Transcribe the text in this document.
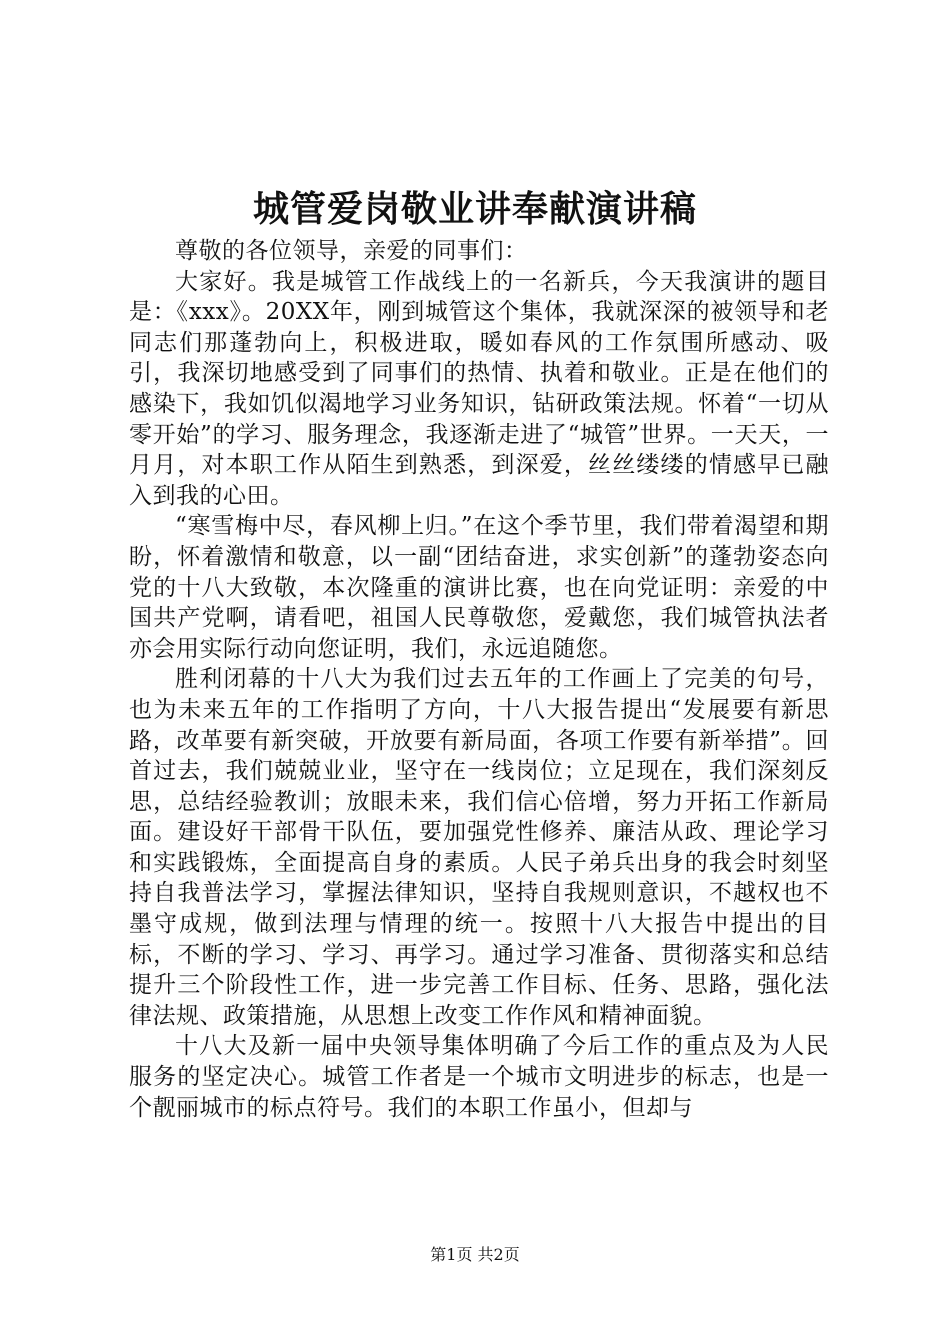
城管爱岗敬业讲奉献演讲稿

尊敬的各位领导，亲爱的同事们：

大家好。我是城管工作战线上的一名新兵，今天我演讲的题目是：《xxx》。20XX年，刚到城管这个集体，我就深深的被领导和老同志们那蓬勃向上，积极进取，暖如春风的工作氛围所感动、吸引，我深切地感受到了同事们的热情、执着和敬业。正是在他们的感染下，我如饥似渴地学习业务知识，钻研政策法规。怀着“一切从零开始”的学习、服务理念，我逐渐走进了“城管”世界。一天天，一月月，对本职工作从陌生到熟悉，到深爱，丝丝缕缕的情感早已融入到我的心田。

“寒雪梅中尽，春风柳上归。”在这个季节里，我们带着渴望和期盼，怀着激情和敬意，以一副“团结奋进，求实创新”的蓬勃姿态向党的十八大致敬，本次隆重的演讲比赛，也在向党证明：亲爱的中国共产党啊，请看吧，祖国人民尊敬您，爱戴您，我们城管执法者亦会用实际行动向您证明，我们，永远追随您。

胜利闭幕的十八大为我们过去五年的工作画上了完美的句号，也为未来五年的工作指明了方向，十八大报告提出“发展要有新思路，改革要有新突破，开放要有新局面，各项工作要有新举措”。回首过去，我们兢兢业业，坚守在一线岗位；立足现在，我们深刻反思，总结经验教训；放眼未来，我们信心倍增，努力开拓工作新局面。建设好干部骨干队伍，要加强党性修养、廉洁从政、理论学习和实践锻炼，全面提高自身的素质。人民子弟兵出身的我会时刻坚持自我普法学习，掌握法律知识，坚持自我规则意识，不越权也不墨守成规，做到法理与情理的统一。按照十八大报告中提出的目标，不断的学习、学习、再学习。通过学习准备、贯彻落实和总结提升三个阶段性工作，进一步完善工作目标、任务、思路，强化法律法规、政策措施，从思想上改变工作作风和精神面貌。

十八大及新一届中央领导集体明确了今后工作的重点及为人民服务的坚定决心。城管工作者是一个城市文明进步的标志，也是一个靓丽城市的标点符号。我们的本职工作虽小，但却与

第1页 共2页
